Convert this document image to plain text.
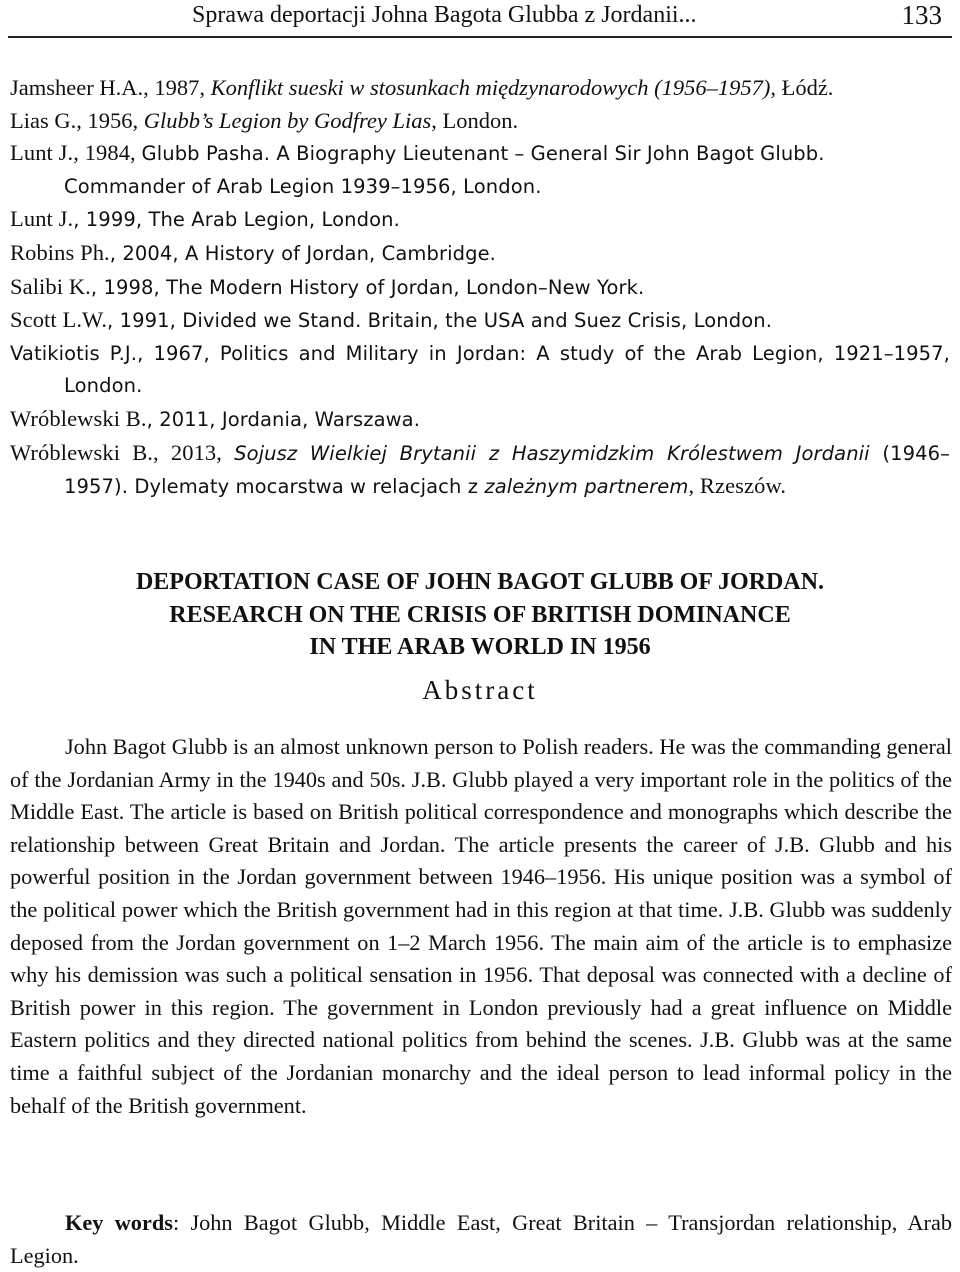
Sprawa deportacji Johna Bagota Glubba z Jordanii...	133
Jamsheer H.A., 1987, Konflikt sueski w stosunkach międzynarodowych (1956–1957), Łódź.
Lias G., 1956, Glubb’s Legion by Godfrey Lias, London.
Lunt J., 1984, Glubb Pasha. A Biography Lieutenant – General Sir John Bagot Glubb. Commander of Arab Legion 1939–1956, London.
Lunt J., 1999, The Arab Legion, London.
Robins Ph., 2004, A History of Jordan, Cambridge.
Salibi K., 1998, The Modern History of Jordan, London–New York.
Scott L.W., 1991, Divided we Stand. Britain, the USA and Suez Crisis, London.
Vatikiotis P.J., 1967, Politics and Military in Jordan: A study of the Arab Legion, 1921–1957, London.
Wróblewski B., 2011, Jordania, Warszawa.
Wróblewski B., 2013, Sojusz Wielkiej Brytanii z Haszymidzkim Królestwem Jordanii (1946–1957). Dylematy mocarstwa w relacjach z zależnym partnerem, Rzeszów.
DEPORTATION CASE OF JOHN BAGOT GLUBB OF JORDAN.
RESEARCH ON THE CRISIS OF BRITISH DOMINANCE
IN THE ARAB WORLD IN 1956
Abstract

John Bagot Glubb is an almost unknown person to Polish readers. He was the commanding general of the Jordanian Army in the 1940s and 50s. J.B. Glubb played a very important role in the politics of the Middle East. The article is based on British political correspondence and monographs which describe the relationship between Great Britain and Jordan. The article presents the career of J.B. Glubb and his powerful position in the Jordan government between 1946–1956. His unique position was a symbol of the political power which the British government had in this region at that time. J.B. Glubb was suddenly deposed from the Jordan government on 1–2 March 1956. The main aim of the article is to emphasize why his demission was such a political sensation in 1956. That deposal was connected with a decline of British power in this region. The government in London previously had a great influence on Middle Eastern politics and they directed national politics from behind the scenes. J.B. Glubb was at the same time a faithful subject of the Jordanian monarchy and the ideal person to lead informal policy in the behalf of the British government.

Key words: John Bagot Glubb, Middle East, Great Britain – Transjordan relationship, Arab Legion.
